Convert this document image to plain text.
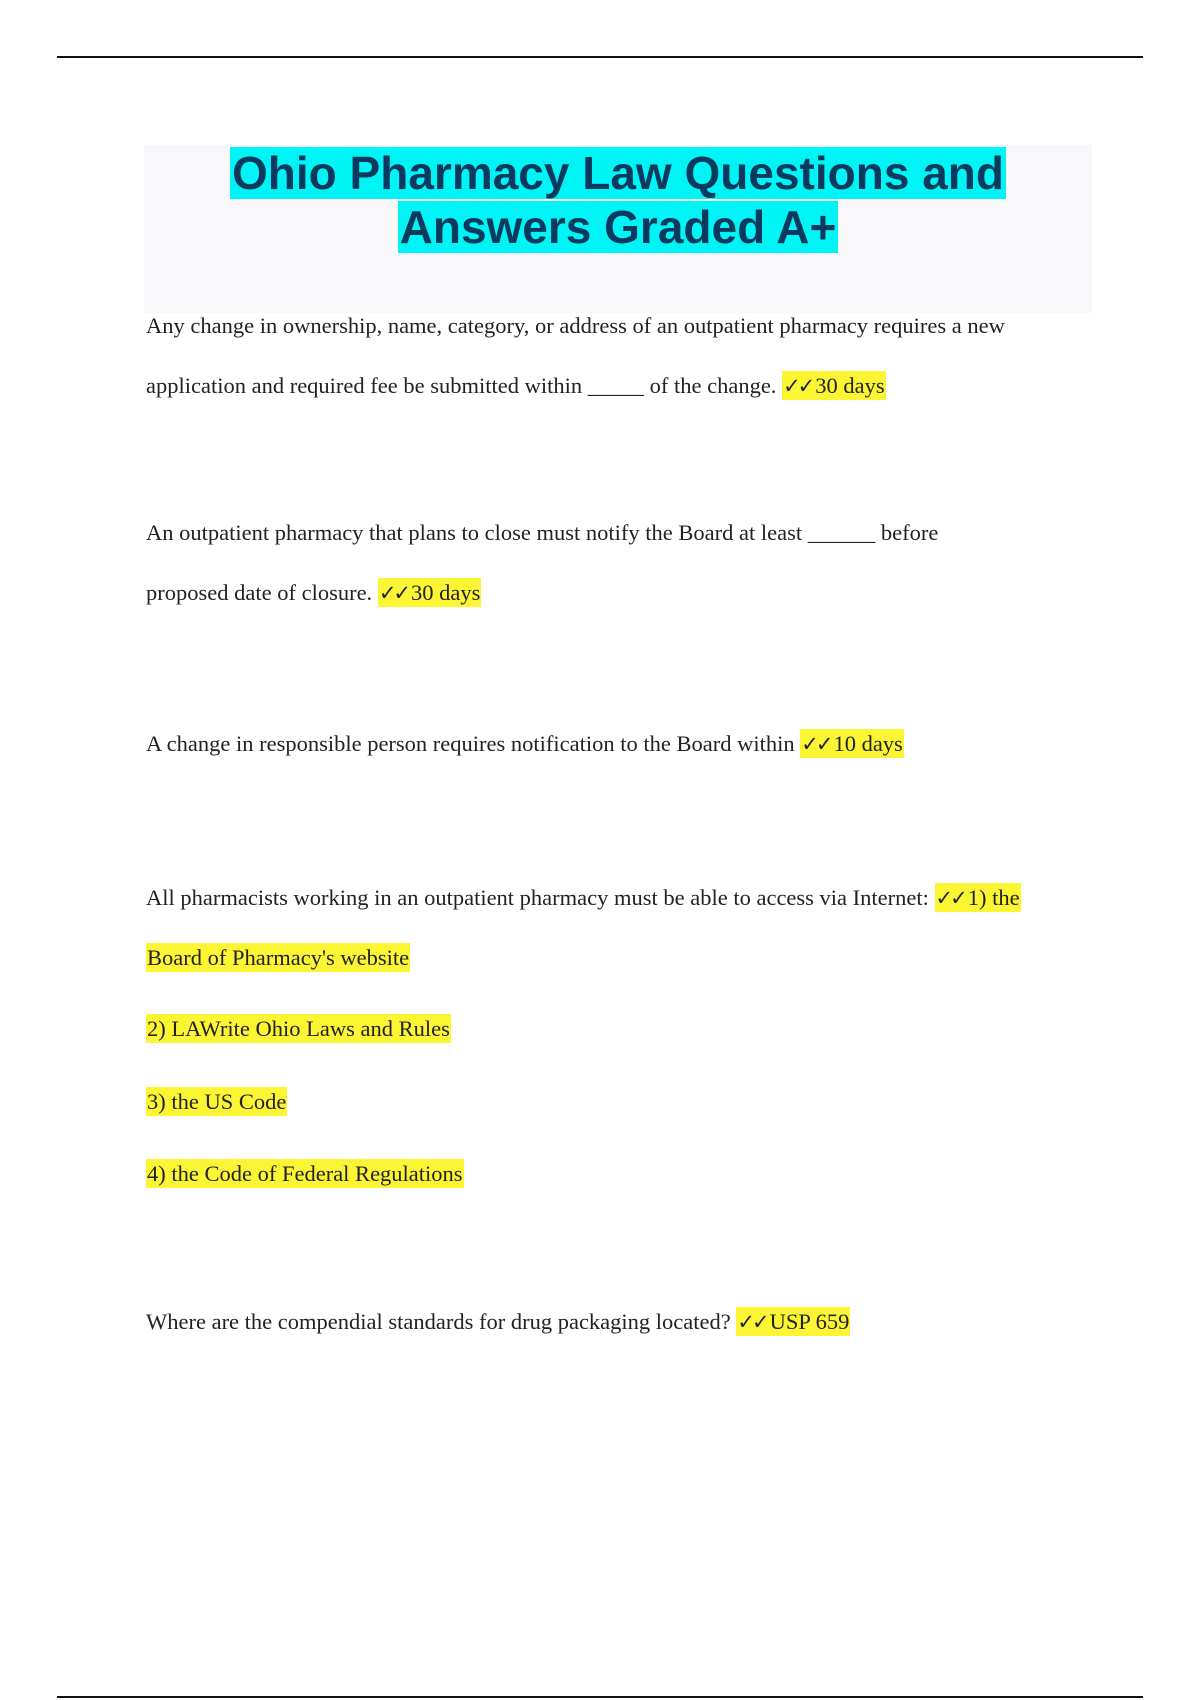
Ohio Pharmacy Law Questions and
Answers Graded A+

Any change in ownership, name, category, or address of an outpatient pharmacy requires a new

application and required fee be submitted within _____ of the change. ✓✓ 30 days

An outpatient pharmacy that plans to close must notify the Board at least ______ before

proposed date of closure. ✓✓ 30 days

A change in responsible person requires notification to the Board within ✓✓ 10 days

All pharmacists working in an outpatient pharmacy must be able to access via Internet: ✓✓ 1) the

Board of Pharmacy's website

2) LAWrite Ohio Laws and Rules

3) the US Code

4) the Code of Federal Regulations

Where are the compendial standards for drug packaging located? ✓✓ USP 659
